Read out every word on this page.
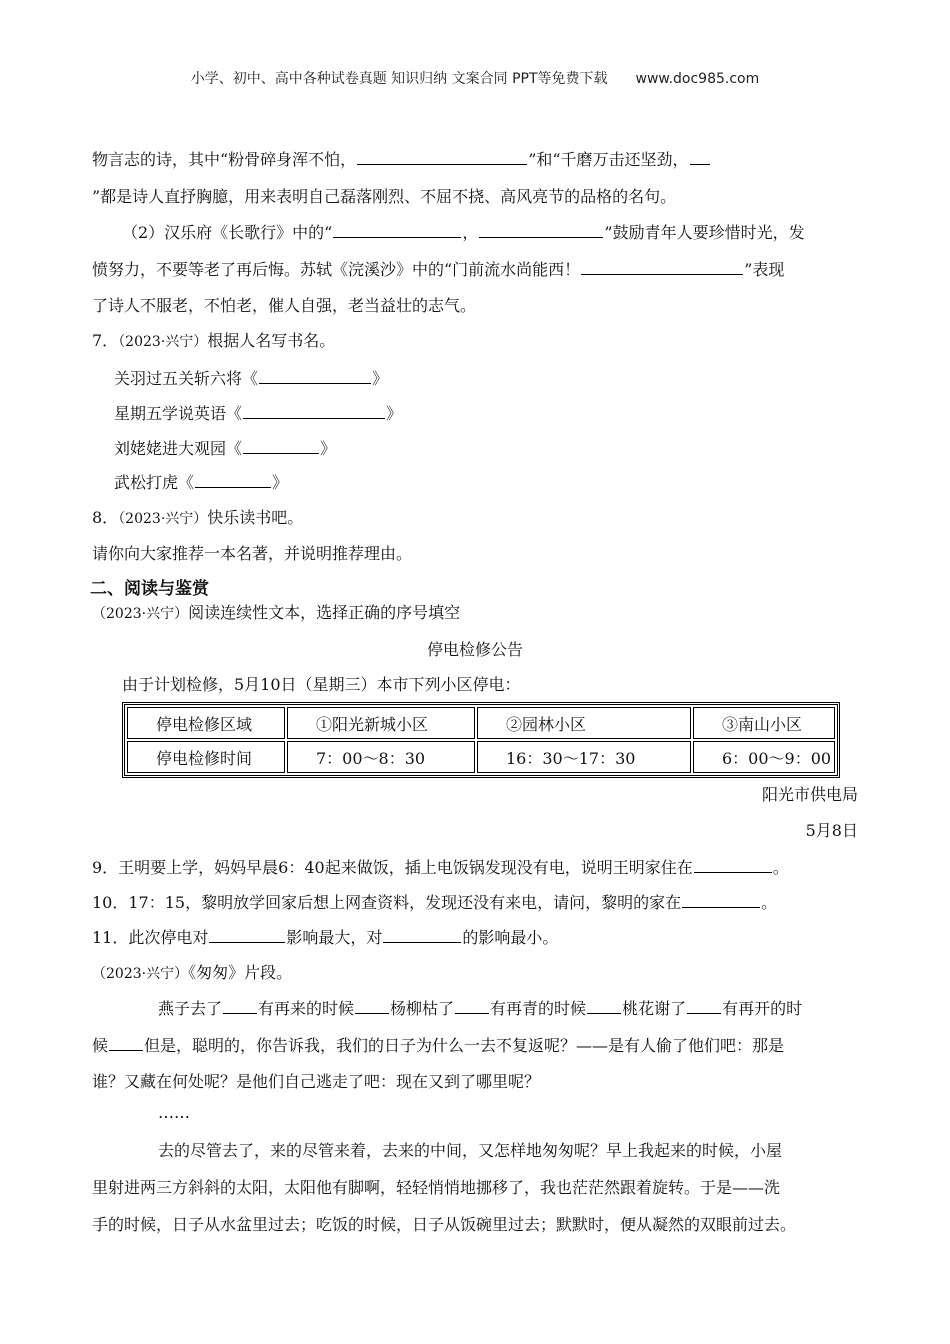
小学、初中、高中各种试卷真题 知识归纳 文案合同 PPT等免费下载　　www.doc985.com
物言志的诗，其中“粉骨碎身浑不怕，	”和“千磨万击还坚劲，
”都是诗人直抒胸臆，用来表明自己磊落刚烈、不屈不挠、高风亮节的品格的名句。
（2）汉乐府《长歌行》中的“	，	”鼓励青年人要珍惜时光，发
愤努力，不要等老了再后悔。苏轼《浣溪沙》中的“门前流水尚能西！	”表现
了诗人不服老，不怕老，催人自强，老当益壮的志气。
7．（2023·兴宁）根据人名写书名。
关羽过五关斩六将《	》
星期五学说英语《	》
刘姥姥进大观园《	》
武松打虎《	》
8．（2023·兴宁）快乐读书吧。
请你向大家推荐一本名著，并说明推荐理由。
二、阅读与鉴赏
（2023·兴宁）阅读连续性文本，选择正确的序号填空
停电检修公告
由于计划检修，5月10日（星期三）本市下列小区停电：
停电检修区域	①阳光新城小区	②园林小区	③南山小区
停电检修时间	7：00～8：30	16：30～17：30	6：00～9：00
阳光市供电局
5月8日
9．王明要上学，妈妈早晨6：40起来做饭，插上电饭锅发现没有电，说明王明家住在	。
10．17：15，黎明放学回家后想上网查资料，发现还没有来电，请问，黎明的家在	。
11．此次停电对	影响最大，对	的影响最小。
（2023·兴宁）《匆匆》片段。
燕子去了 有再来的时候 杨柳枯了 有再青的时候 桃花谢了 有再开的时
候 但是，聪明的，你告诉我，我们的日子为什么一去不复返呢？——是有人偷了他们吧：那是
谁？又藏在何处呢？是他们自己逃走了吧：现在又到了哪里呢？
……
去的尽管去了，来的尽管来着，去来的中间，又怎样地匆匆呢？早上我起来的时候，小屋
里射进两三方斜斜的太阳，太阳他有脚啊，轻轻悄悄地挪移了，我也茫茫然跟着旋转。于是——洗
手的时候，日子从水盆里过去；吃饭的时候，日子从饭碗里过去；默默时，便从凝然的双眼前过去。
